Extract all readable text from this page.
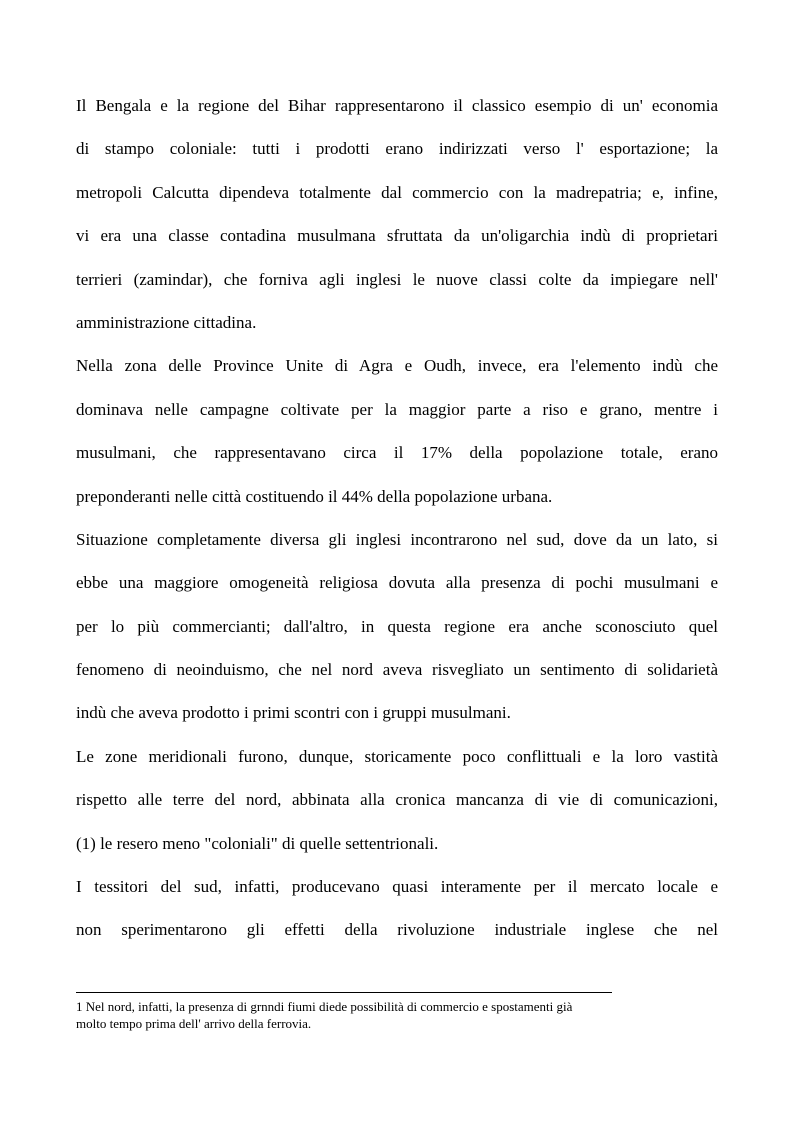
Il Bengala e la regione del Bihar rappresentarono il classico esempio di un' economia
di stampo coloniale: tutti i prodotti erano indirizzati verso l' esportazione; la
metropoli Calcutta dipendeva totalmente dal commercio con la madrepatria; e, infine,
vi era una classe contadina musulmana sfruttata da un'oligarchia indù di proprietari
terrieri (zamindar), che forniva agli inglesi le nuove classi colte da impiegare nell'
amministrazione cittadina.
Nella zona delle Province Unite di Agra e Oudh, invece, era l'elemento indù che
dominava nelle campagne coltivate per la maggior parte a riso e grano, mentre i
musulmani, che rappresentavano circa il 17% della popolazione totale, erano
preponderanti nelle città costituendo il 44% della popolazione urbana.
Situazione completamente diversa gli inglesi incontrarono nel sud, dove da un lato, si
ebbe una maggiore omogeneità religiosa dovuta alla presenza di pochi musulmani e
per lo più commercianti; dall'altro, in questa regione era anche sconosciuto quel
fenomeno di neoinduismo, che nel nord aveva risvegliato un sentimento di solidarietà
indù che aveva prodotto i primi scontri con i gruppi musulmani.
Le zone meridionali furono, dunque, storicamente poco conflittuali e la loro vastità
rispetto alle terre del nord, abbinata alla cronica mancanza di vie di comunicazioni,
(1) le resero meno "coloniali" di quelle settentrionali.
I tessitori del sud, infatti, producevano quasi interamente per il mercato locale e
non sperimentarono gli effetti della rivoluzione industriale inglese che nel
1 Nel nord, infatti, la presenza di grnndi fiumi diede possibilità di commercio e spostamenti già
molto tempo prima dell' arrivo della ferrovia.
